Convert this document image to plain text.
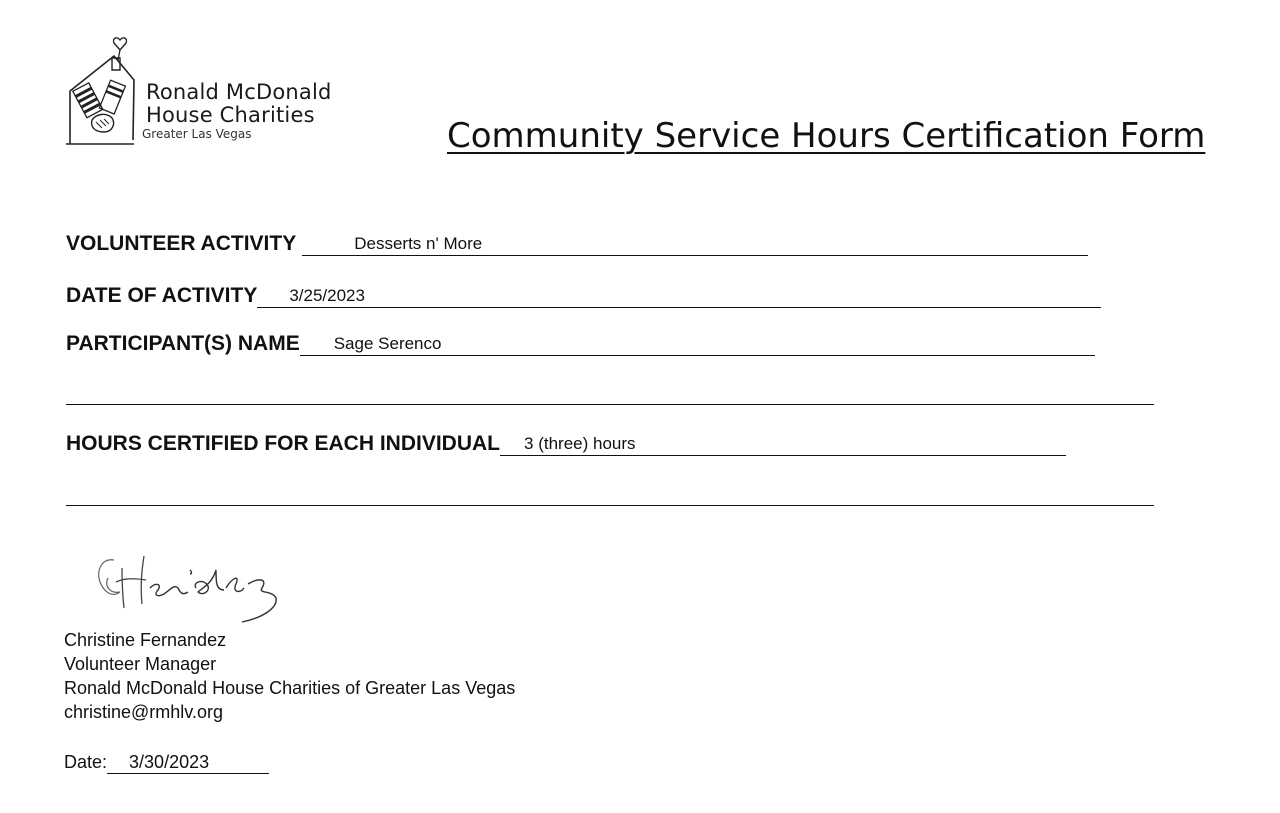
Ronald McDonald
House Charities
Greater Las Vegas	Community Service Hours Certification Form
VOLUNTEER ACTIVITY	Desserts n' More
DATE OF ACTIVITY 3/25/2023
PARTICIPANT(S) NAME Sage Serenco
HOURS CERTIFIED FOR EACH INDIVIDUAL 3 (three) hours
Christine Fernandez
Volunteer Manager
Ronald McDonald House Charities of Greater Las Vegas
christine@rmhlv.org
Date: 3/30/2023
